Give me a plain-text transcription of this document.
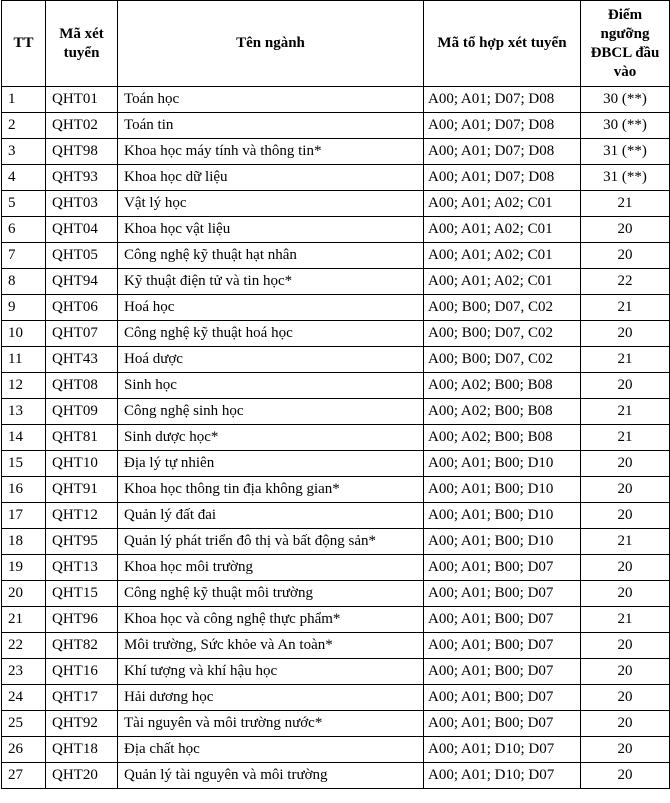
TT	Mã xét tuyển	Tên ngành	Mã tổ hợp xét tuyển	Điểm ngưỡng ĐBCL đầu vào
1	QHT01	Toán học	A00; A01; D07; D08	30 (**)
2	QHT02	Toán tin	A00; A01; D07; D08	30 (**)
3	QHT98	Khoa học máy tính và thông tin*	A00; A01; D07; D08	31 (**)
4	QHT93	Khoa học dữ liệu	A00; A01; D07; D08	31 (**)
5	QHT03	Vật lý học	A00; A01; A02; C01	21
6	QHT04	Khoa học vật liệu	A00; A01; A02; C01	20
7	QHT05	Công nghệ kỹ thuật hạt nhân	A00; A01; A02; C01	20
8	QHT94	Kỹ thuật điện tử và tin học*	A00; A01; A02; C01	22
9	QHT06	Hoá học	A00; B00; D07, C02	21
10	QHT07	Công nghệ kỹ thuật hoá học	A00; B00; D07, C02	20
11	QHT43	Hoá dược	A00; B00; D07, C02	21
12	QHT08	Sinh học	A00; A02; B00; B08	20
13	QHT09	Công nghệ sinh học	A00; A02; B00; B08	21
14	QHT81	Sinh dược học*	A00; A02; B00; B08	21
15	QHT10	Địa lý tự nhiên	A00; A01; B00; D10	20
16	QHT91	Khoa học thông tin địa không gian*	A00; A01; B00; D10	20
17	QHT12	Quản lý đất đai	A00; A01; B00; D10	20
18	QHT95	Quản lý phát triển đô thị và bất động sản*	A00; A01; B00; D10	21
19	QHT13	Khoa học môi trường	A00; A01; B00; D07	20
20	QHT15	Công nghệ kỹ thuật môi trường	A00; A01; B00; D07	20
21	QHT96	Khoa học và công nghệ thực phẩm*	A00; A01; B00; D07	21
22	QHT82	Môi trường, Sức khỏe và An toàn*	A00; A01; B00; D07	20
23	QHT16	Khí tượng và khí hậu học	A00; A01; B00; D07	20
24	QHT17	Hải dương học	A00; A01; B00; D07	20
25	QHT92	Tài nguyên và môi trường nước*	A00; A01; B00; D07	20
26	QHT18	Địa chất học	A00; A01; D10; D07	20
27	QHT20	Quản lý tài nguyên và môi trường	A00; A01; D10; D07	20
